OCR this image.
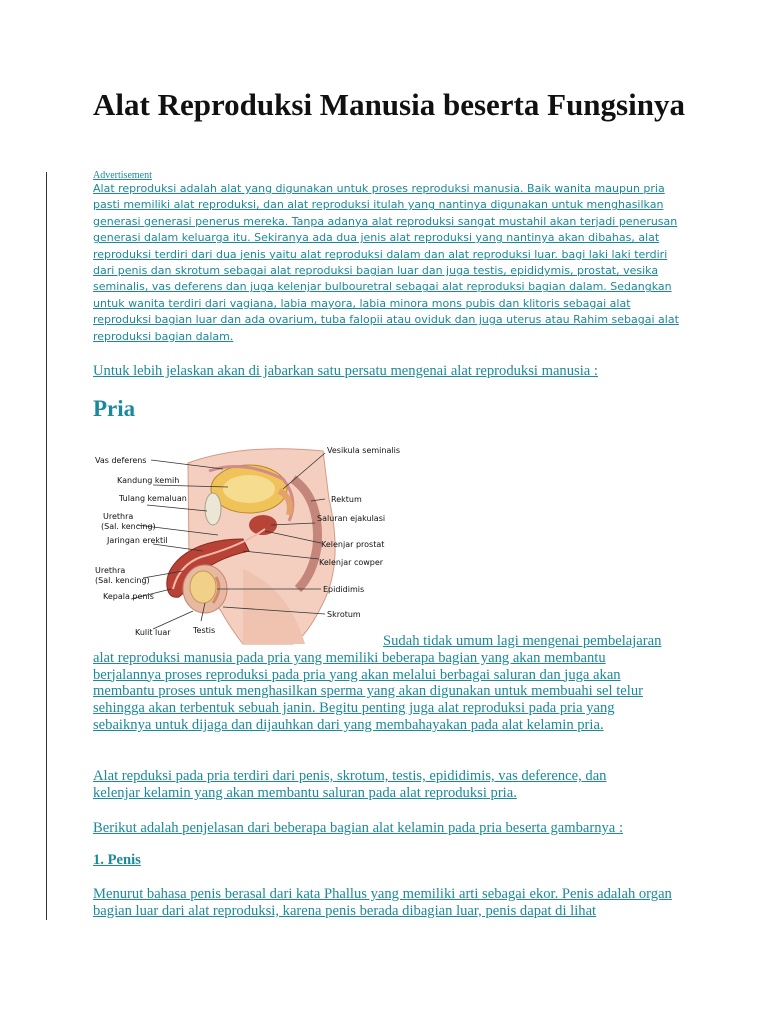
Alat Reproduksi Manusia beserta Fungsinya
Advertisement
Alat reproduksi adalah alat yang digunakan untuk proses reproduksi manusia. Baik wanita maupun pria pasti memiliki alat reproduksi, dan alat reproduksi itulah yang nantinya digunakan untuk menghasilkan generasi generasi penerus mereka. Tanpa adanya alat reproduksi sangat mustahil akan terjadi penerusan generasi dalam keluarga itu. Sekiranya ada dua jenis alat reproduksi yang nantinya akan dibahas, alat reproduksi terdiri dari dua jenis yaitu alat reproduksi dalam dan alat reproduksi luar. bagi laki laki terdiri dari penis dan skrotum sebagai alat reproduksi bagian luar dan juga testis, epididymis, prostat, vesika seminalis, vas deferens dan juga kelenjar bulbouretral sebagai alat reproduksi bagian dalam. Sedangkan untuk wanita terdiri dari vagiana, labia mayora, labia minora mons pubis dan klitoris sebagai alat reproduksi bagian luar dan ada ovarium, tuba falopii atau oviduk dan juga uterus atau Rahim sebagai alat reproduksi bagian dalam.
Untuk lebih jelaskan akan di jabarkan satu persatu mengenai alat reproduksi manusia :
Pria
Vas deferens
Kandung kemih
Tulang kemaluan
Urethra
(Sal. kencing)
Jaringan erektil
Urethra
(Sal. kencing)
Kepala penis
Kulit luar	Testis
Vesikula seminalis
Rektum
Saluran ejakulasi
Kelenjar prostat
Kelenjar cowper
Epididimis
Skrotum
Sudah tidak umum lagi mengenai pembelajaran alat reproduksi manusia pada pria yang memiliki beberapa bagian yang akan membantu berjalannya proses reproduksi pada pria yang akan melalui berbagai saluran dan juga akan membantu proses untuk menghasilkan sperma yang akan digunakan untuk membuahi sel telur sehingga akan terbentuk sebuah janin. Begitu penting juga alat reproduksi pada pria yang sebaiknya untuk dijaga dan dijauhkan dari yang membahayakan pada alat kelamin pria.
Alat repduksi pada pria terdiri dari penis, skrotum, testis, epididimis, vas deference, dan kelenjar kelamin yang akan membantu saluran pada alat reproduksi pria.
Berikut adalah penjelasan dari beberapa bagian alat kelamin pada pria beserta gambarnya :
1. Penis
Menurut bahasa penis berasal dari kata Phallus yang memiliki arti sebagai ekor. Penis adalah organ bagian luar dari alat reproduksi, karena penis berada dibagian luar, penis dapat di lihat
